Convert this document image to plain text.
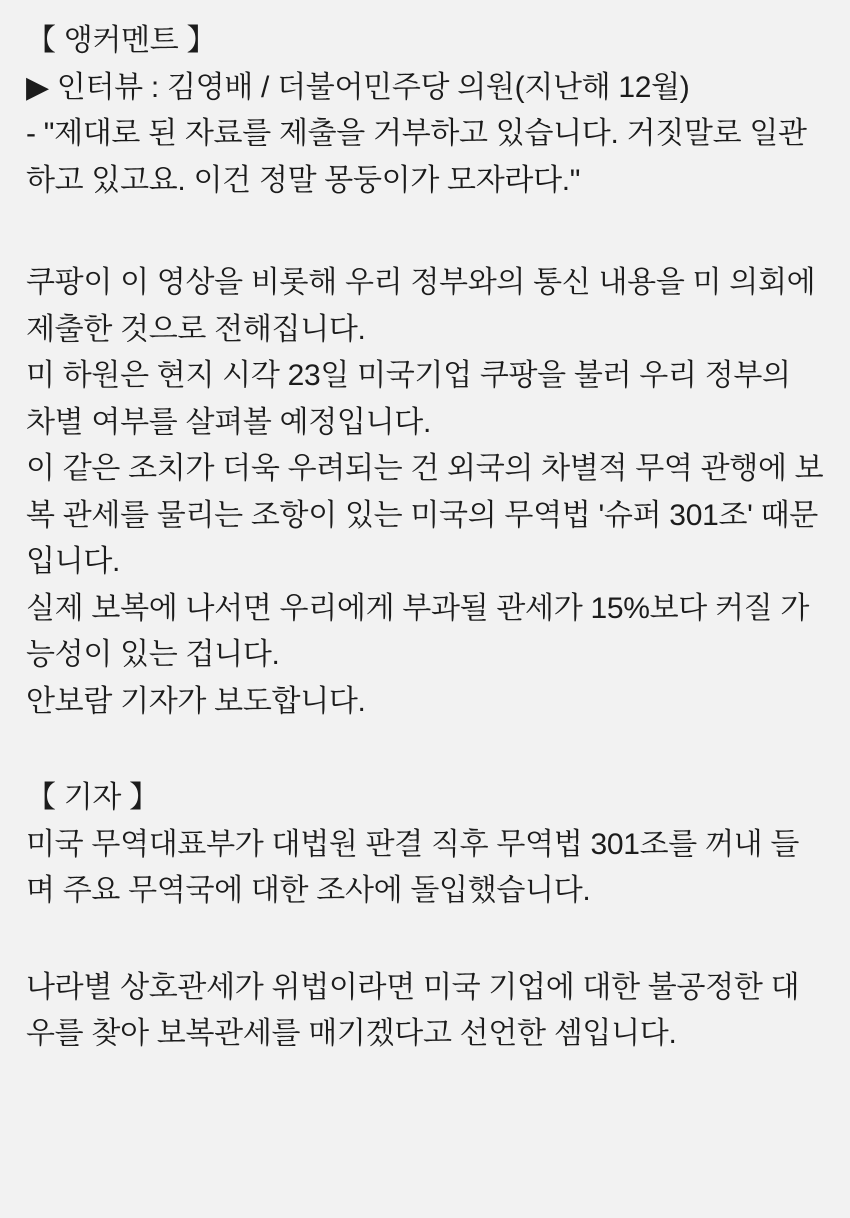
【 앵커멘트 】
▶ 인터뷰 : 김영배 / 더불어민주당 의원(지난해 12월)
- "제대로 된 자료를 제출을 거부하고 있습니다. 거짓말로 일관하고 있고요. 이건 정말 몽둥이가 모자라다."

쿠팡이 이 영상을 비롯해 우리 정부와의 통신 내용을 미 의회에 제출한 것으로 전해집니다.

미 하원은 현지 시각 23일 미국기업 쿠팡을 불러 우리 정부의 차별 여부를 살펴볼 예정입니다.

이 같은 조치가 더욱 우려되는 건 외국의 차별적 무역 관행에 보복 관세를 물리는 조항이 있는 미국의 무역법 '슈퍼 301조' 때문입니다.

실제 보복에 나서면 우리에게 부과될 관세가 15%보다 커질 가능성이 있는 겁니다.

안보람 기자가 보도합니다.

【 기자 】

미국 무역대표부가 대법원 판결 직후 무역법 301조를 꺼내 들며 주요 무역국에 대한 조사에 돌입했습니다.

나라별 상호관세가 위법이라면 미국 기업에 대한 불공정한 대우를 찾아 보복관세를 매기겠다고 선언한 셈입니다.
